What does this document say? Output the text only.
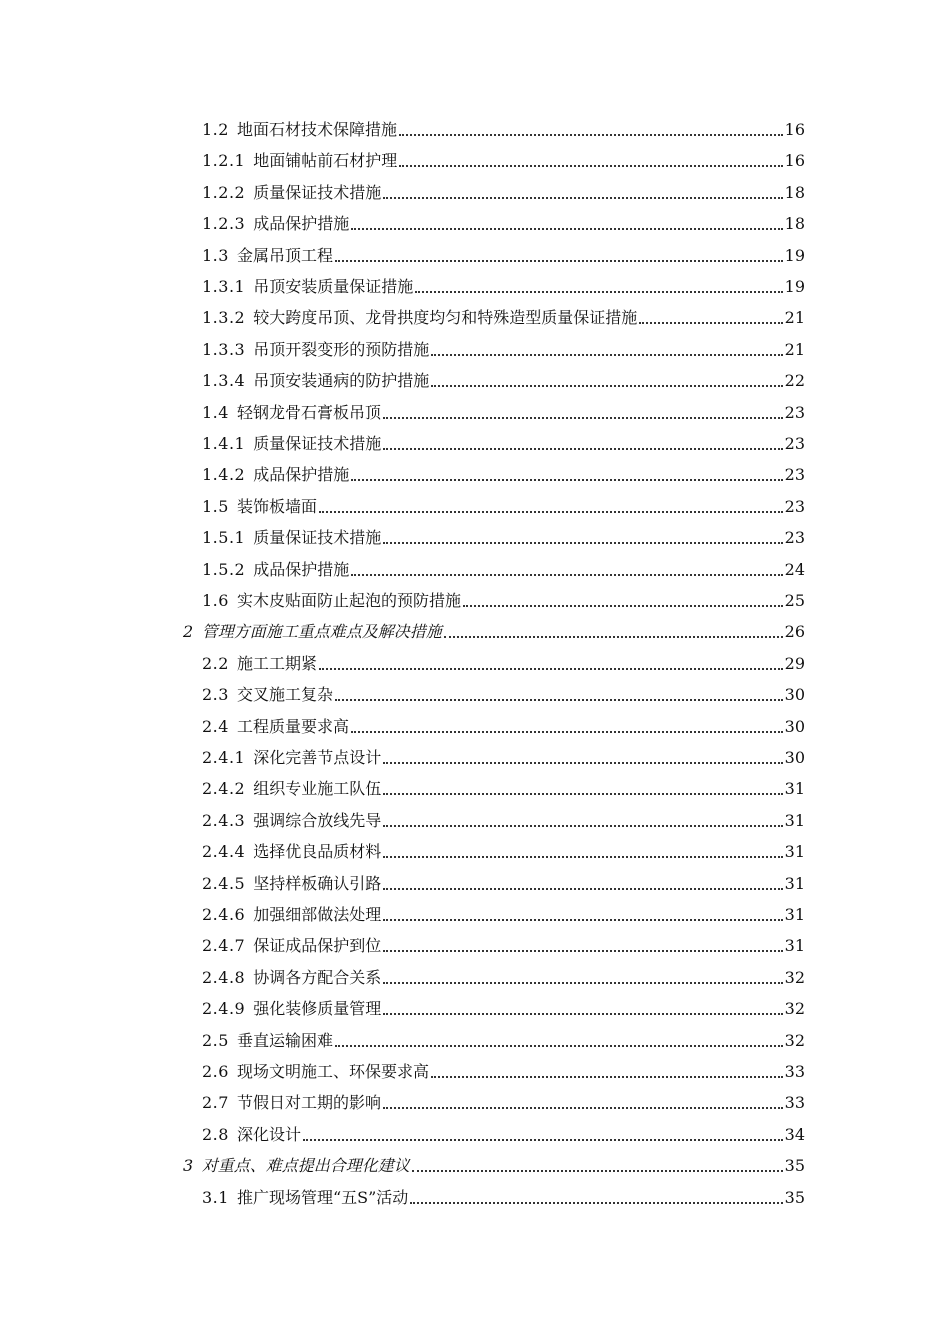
1.2 地面石材技术保障措施	16
1.2.1 地面铺帖前石材护理	16
1.2.2 质量保证技术措施	18
1.2.3 成品保护措施	18
1.3 金属吊顶工程	19
1.3.1 吊顶安装质量保证措施	19
1.3.2 较大跨度吊顶、龙骨拱度均匀和特殊造型质量保证措施	21
1.3.3 吊顶开裂变形的预防措施	21
1.3.4 吊顶安装通病的防护措施	22
1.4 轻钢龙骨石膏板吊顶	23
1.4.1 质量保证技术措施	23
1.4.2 成品保护措施	23
1.5 装饰板墙面	23
1.5.1 质量保证技术措施	23
1.5.2 成品保护措施	24
1.6 实木皮贴面防止起泡的预防措施	25
2 管理方面施工重点难点及解决措施	26
2.2 施工工期紧	29
2.3 交叉施工复杂	30
2.4 工程质量要求高	30
2.4.1 深化完善节点设计	30
2.4.2 组织专业施工队伍	31
2.4.3 强调综合放线先导	31
2.4.4 选择优良品质材料	31
2.4.5 坚持样板确认引路	31
2.4.6 加强细部做法处理	31
2.4.7 保证成品保护到位	31
2.4.8 协调各方配合关系	32
2.4.9 强化装修质量管理	32
2.5 垂直运输困难	32
2.6 现场文明施工、环保要求高	33
2.7 节假日对工期的影响	33
2.8 深化设计	34
3 对重点、难点提出合理化建议	35
3.1 推广现场管理“五S”活动	35
